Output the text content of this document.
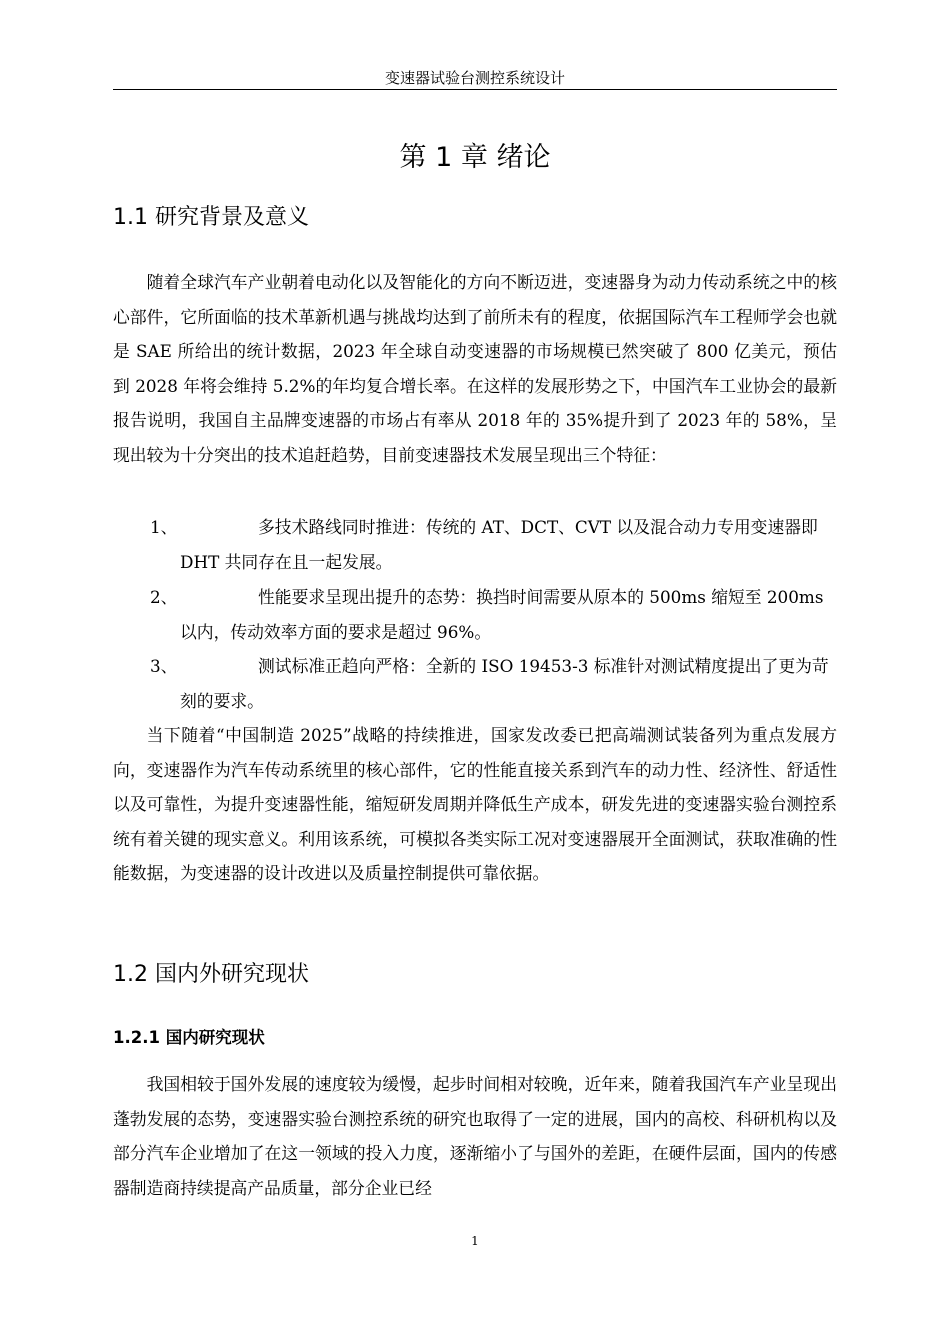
变速器试验台测控系统设计
第 1 章 绪论
1.1 研究背景及意义

随着全球汽车产业朝着电动化以及智能化的方向不断迈进，变速器身为动力传动系统之中的核心部件，它所面临的技术革新机遇与挑战均达到了前所未有的程度，依据国际汽车工程师学会也就是 SAE 所给出的统计数据，2023 年全球自动变速器的市场规模已然突破了 800 亿美元，预估到 2028 年将会维持 5.2%的年均复合增长率。在这样的发展形势之下，中国汽车工业协会的最新报告说明，我国自主品牌变速器的市场占有率从 2018 年的 35%提升到了 2023 年的 58%，呈现出较为十分突出的技术追赶趋势，目前变速器技术发展呈现出三个特征：

1、	多技术路线同时推进：传统的 AT、DCT、CVT 以及混合动力专用变速器即 DHT 共同存在且一起发展。
2、	性能要求呈现出提升的态势：换挡时间需要从原本的 500ms 缩短至 200ms 以内，传动效率方面的要求是超过 96%。
3、	测试标准正趋向严格：全新的 ISO 19453-3 标准针对测试精度提出了更为苛刻的要求。

当下随着“中国制造 2025”战略的持续推进，国家发改委已把高端测试装备列为重点发展方向，变速器作为汽车传动系统里的核心部件，它的性能直接关系到汽车的动力性、经济性、舒适性以及可靠性，为提升变速器性能，缩短研发周期并降低生产成本，研发先进的变速器实验台测控系统有着关键的现实意义。利用该系统，可模拟各类实际工况对变速器展开全面测试，获取准确的性能数据，为变速器的设计改进以及质量控制提供可靠依据。

1.2 国内外研究现状
1.2.1 国内研究现状

我国相较于国外发展的速度较为缓慢，起步时间相对较晚，近年来，随着我国汽车产业呈现出蓬勃发展的态势，变速器实验台测控系统的研究也取得了一定的进展，国内的高校、科研机构以及部分汽车企业增加了在这一领域的投入力度，逐渐缩小了与国外的差距，在硬件层面，国内的传感器制造商持续提高产品质量，部分企业已经

1
